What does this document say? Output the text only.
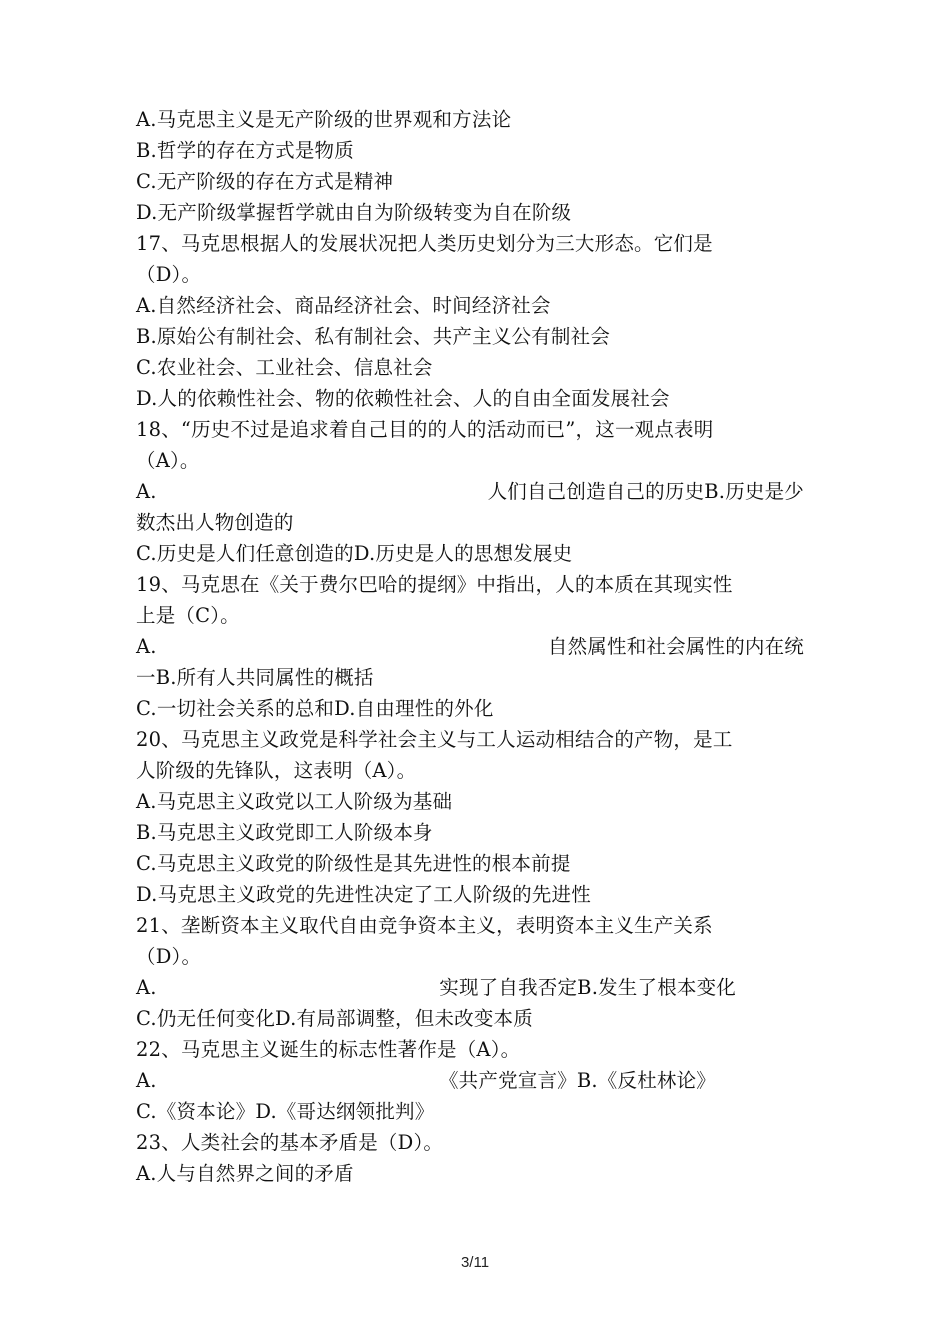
A.马克思主义是无产阶级的世界观和方法论
B.哲学的存在方式是物质
C.无产阶级的存在方式是精神
D.无产阶级掌握哲学就由自为阶级转变为自在阶级
17、马克思根据人的发展状况把人类历史划分为三大形态。它们是
（D）。
A.自然经济社会、商品经济社会、时间经济社会
B.原始公有制社会、私有制社会、共产主义公有制社会
C.农业社会、工业社会、信息社会
D.人的依赖性社会、物的依赖性社会、人的自由全面发展社会
18、“历史不过是追求着自己目的的人的活动而已”，这一观点表明
（A）。
A.	人们自己创造自己的历史B.历史是少
数杰出人物创造的
C.历史是人们任意创造的D.历史是人的思想发展史
19、马克思在《关于费尔巴哈的提纲》中指出，人的本质在其现实性
上是（C）。
A.	自然属性和社会属性的内在统
一B.所有人共同属性的概括
C.一切社会关系的总和D.自由理性的外化
20、马克思主义政党是科学社会主义与工人运动相结合的产物，是工
人阶级的先锋队，这表明（A）。
A.马克思主义政党以工人阶级为基础
B.马克思主义政党即工人阶级本身
C.马克思主义政党的阶级性是其先进性的根本前提
D.马克思主义政党的先进性决定了工人阶级的先进性
21、垄断资本主义取代自由竞争资本主义，表明资本主义生产关系
（D）。
A.	实现了自我否定B.发生了根本变化
C.仍无任何变化D.有局部调整，但未改变本质
22、马克思主义诞生的标志性著作是（A）。
A.	《共产党宣言》B.《反杜林论》
C.《资本论》D.《哥达纲领批判》
23、人类社会的基本矛盾是（D）。
A.人与自然界之间的矛盾
3/11
